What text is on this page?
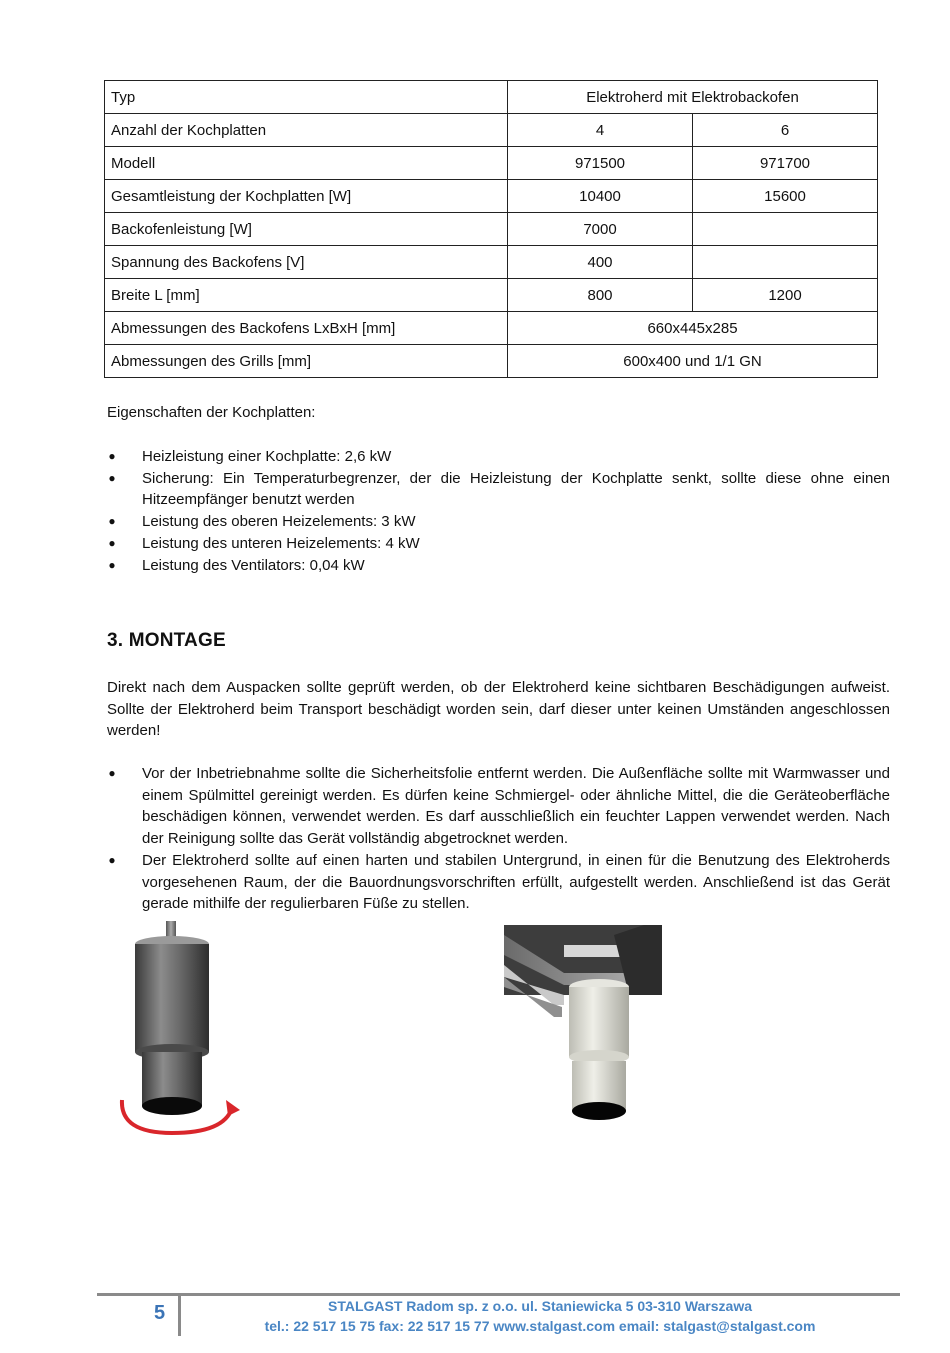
Typ	Elektroherd mit Elektrobackofen	
Anzahl der Kochplatten	4	6
Modell	971500	971700
Gesamtleistung der Kochplatten [W]	10400	15600
Backofenleistung [W]	7000	
Spannung des Backofens [V]	400	
Breite L [mm]	800	1200
Abmessungen des Backofens LxBxH [mm]	660x445x285	
Abmessungen des Grills [mm]	600x400 und 1/1 GN	
Eigenschaften der Kochplatten:
● Heizleistung einer Kochplatte: 2,6 kW
● Sicherung: Ein Temperaturbegrenzer, der die Heizleistung der Kochplatte senkt, sollte diese ohne einen Hitzeempfänger benutzt werden
● Leistung des oberen Heizelements: 3 kW
● Leistung des unteren Heizelements: 4 kW
● Leistung des Ventilators: 0,04 kW
3. MONTAGE
Direkt nach dem Auspacken sollte geprüft werden, ob der Elektroherd keine sichtbaren Beschädigungen aufweist. Sollte der Elektroherd beim Transport beschädigt worden sein, darf dieser unter keinen Umständen angeschlossen werden!
● Vor der Inbetriebnahme sollte die Sicherheitsfolie entfernt werden. Die Außenfläche sollte mit Warmwasser und einem Spülmittel gereinigt werden. Es dürfen keine Schmiergel- oder ähnliche Mittel, die die Geräteoberfläche beschädigen können, verwendet werden. Es darf ausschließlich ein feuchter Lappen verwendet werden. Nach der Reinigung sollte das Gerät vollständig abgetrocknet werden.
● Der Elektroherd sollte auf einen harten und stabilen Untergrund, in einen für die Benutzung des Elektroherds vorgesehenen Raum, der die Bauordnungsvorschriften erfüllt, aufgestellt werden. Anschließend ist das Gerät gerade mithilfe der regulierbaren Füße zu stellen.
5	STALGAST Radom sp. z o.o. ul. Staniewicka 5 03-310 Warszawa
tel.: 22 517 15 75 fax: 22 517 15 77 www.stalgast.com email: stalgast@stalgast.com
